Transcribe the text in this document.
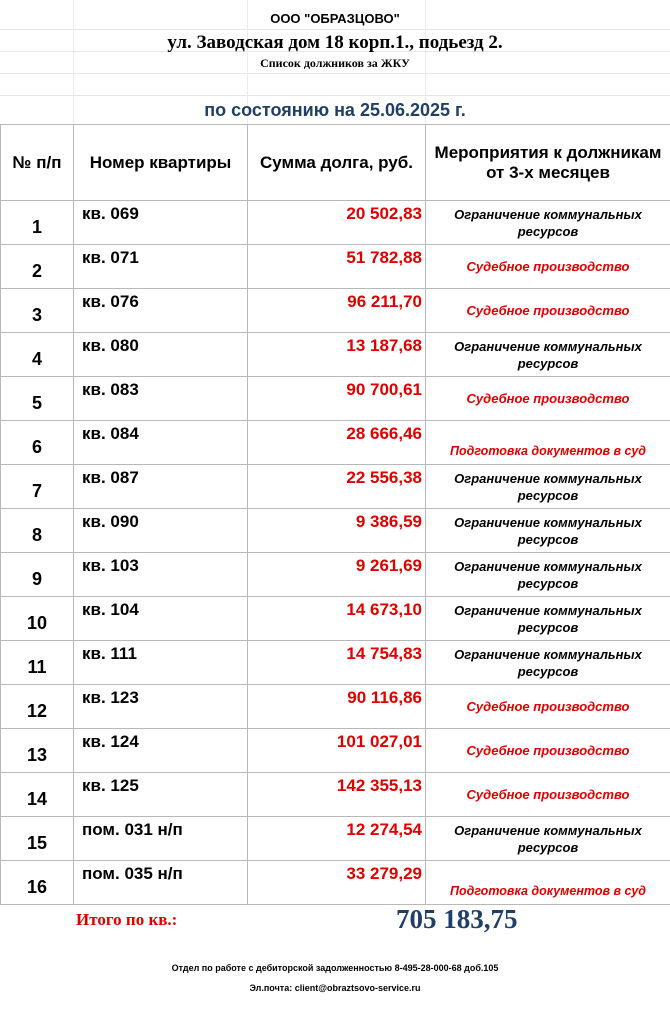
ООО "ОБРАЗЦОВО"
ул. Заводская дом 18 корп.1., подьезд 2.
Список должников за ЖКУ
по состоянию на 25.06.2025 г.
№ п/п	Номер квартиры	Сумма долга, руб.	Мероприятия к должникам от 3-х месяцев
1	кв. 069	20 502,83	Ограничение коммунальных ресурсов
2	кв. 071	51 782,88	Судебное производство
3	кв. 076	96 211,70	Судебное производство
4	кв. 080	13 187,68	Ограничение коммунальных ресурсов
5	кв. 083	90 700,61	Судебное производство
6	кв. 084	28 666,46	Подготовка документов в суд
7	кв. 087	22 556,38	Ограничение коммунальных ресурсов
8	кв. 090	9 386,59	Ограничение коммунальных ресурсов
9	кв. 103	9 261,69	Ограничение коммунальных ресурсов
10	кв. 104	14 673,10	Ограничение коммунальных ресурсов
11	кв. 111	14 754,83	Ограничение коммунальных ресурсов
12	кв. 123	90 116,86	Судебное производство
13	кв. 124	101 027,01	Судебное производство
14	кв. 125	142 355,13	Судебное производство
15	пом. 031 н/п	12 274,54	Ограничение коммунальных ресурсов
16	пом. 035 н/п	33 279,29	Подготовка документов в суд
Итого по кв.:	705 183,75
Отдел по работе с дебиторской задолженностью 8-495-28-000-68 доб.105
Эл.почта: client@obraztsovo-service.ru
